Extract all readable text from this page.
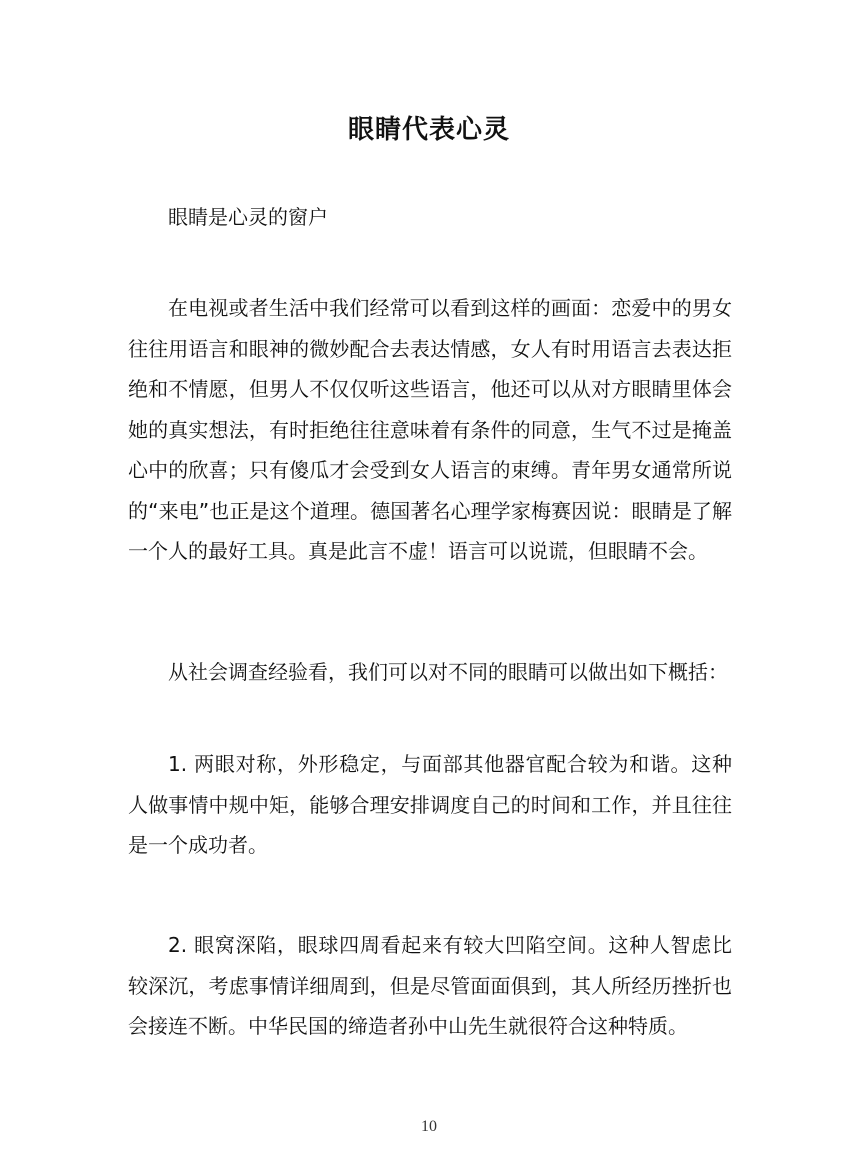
眼睛代表心灵

眼睛是心灵的窗户

在电视或者生活中我们经常可以看到这样的画面：恋爱中的男女往往用语言和眼神的微妙配合去表达情感，女人有时用语言去表达拒绝和不情愿，但男人不仅仅听这些语言，他还可以从对方眼睛里体会她的真实想法，有时拒绝往往意味着有条件的同意，生气不过是掩盖心中的欣喜；只有傻瓜才会受到女人语言的束缚。青年男女通常所说的“来电”也正是这个道理。德国著名心理学家梅赛因说：眼睛是了解一个人的最好工具。真是此言不虚！语言可以说谎，但眼睛不会。

从社会调查经验看，我们可以对不同的眼睛可以做出如下概括：

1. 两眼对称，外形稳定，与面部其他器官配合较为和谐。这种人做事情中规中矩，能够合理安排调度自己的时间和工作，并且往往是一个成功者。

2. 眼窝深陷，眼球四周看起来有较大凹陷空间。这种人智虑比较深沉，考虑事情详细周到，但是尽管面面俱到，其人所经历挫折也会接连不断。中华民国的缔造者孙中山先生就很符合这种特质。

10
